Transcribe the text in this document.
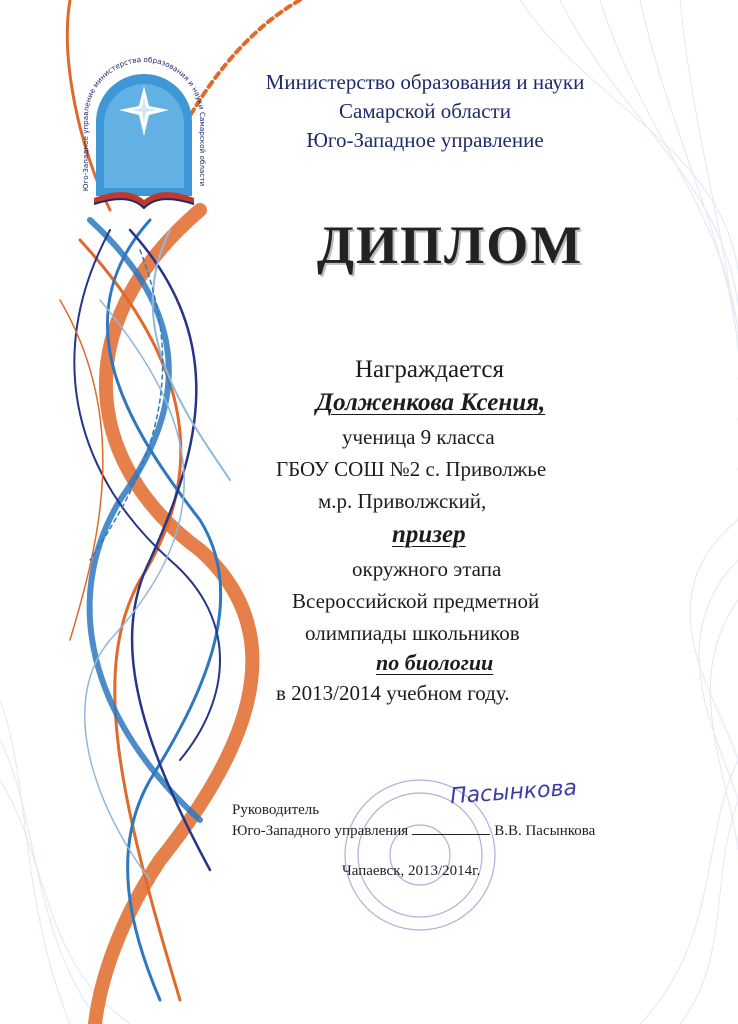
Юго-Западное управление министерства образования и науки Самарской области
Министерство образования и науки
Самарской области
Юго-Западное управление
ДИПЛОМ
Награждается
Долженкова Ксения,
ученица 9 класса
ГБОУ СОШ №2 с. Приволжье
м.р. Приволжский,
призер
окружного этапа
Всероссийской предметной
олимпиады школьников
по биологии
в 2013/2014 учебном году.
Пасынкова
Руководитель
Юго-Западного управления	В.В. Пасынкова
Чапаевск, 2013/2014г.
